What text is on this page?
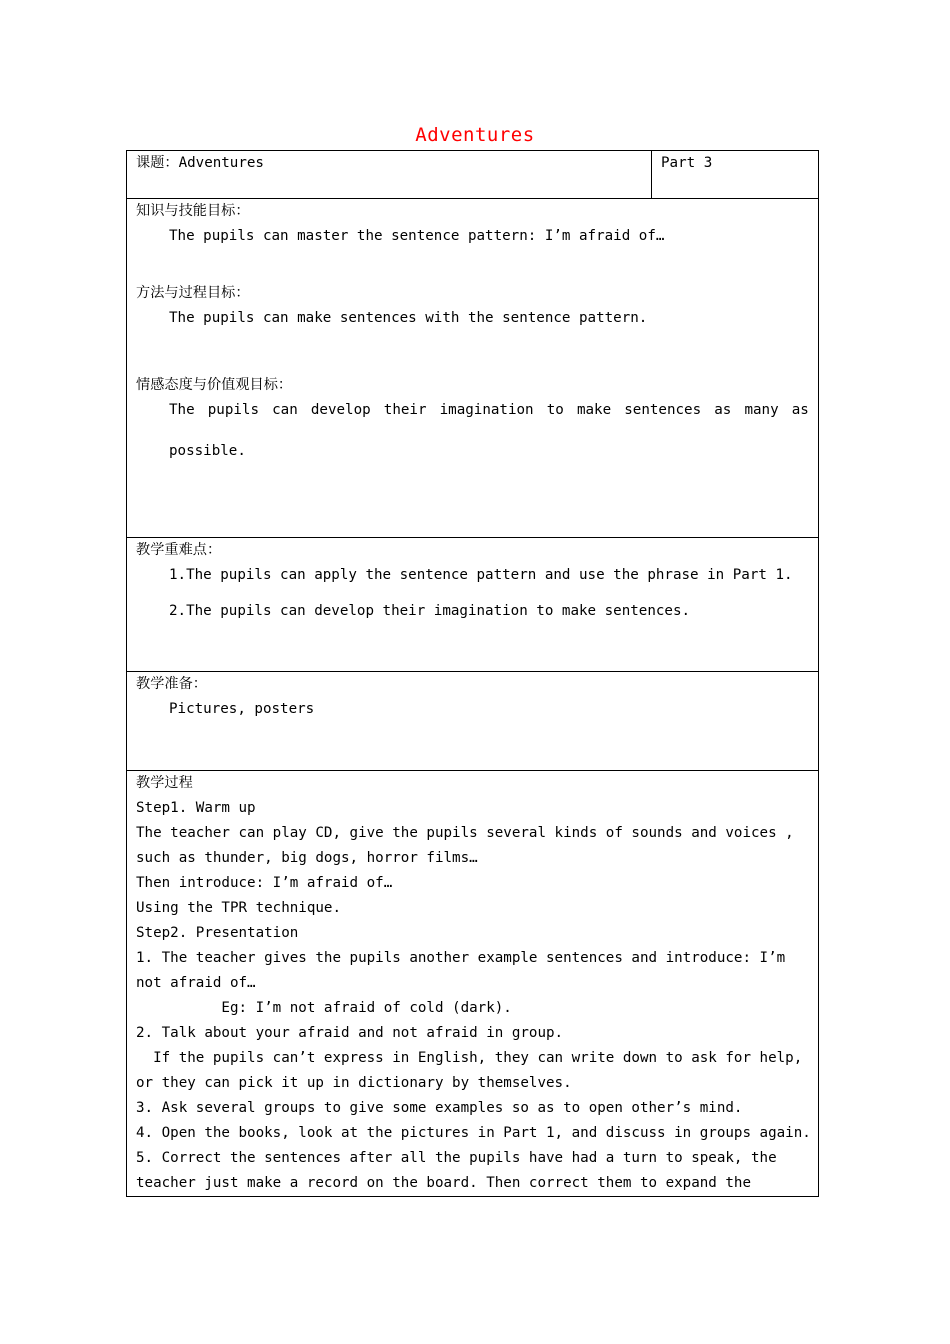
Adventures
课题：Adventures	Part 3

知识与技能目标：
The pupils can master the sentence pattern: I’m afraid of…
方法与过程目标：
The pupils can make sentences with the sentence pattern.
情感态度与价值观目标：
The pupils can develop their imagination to make sentences as many as
possible.

教学重难点：
1.The pupils can apply the sentence pattern and use the phrase in Part 1.
2.The pupils can develop their imagination to make sentences.

教学准备：
Pictures, posters

教学过程
Step1. Warm up
The teacher can play CD, give the pupils several kinds of sounds and voices ,
such as thunder, big dogs, horror films…
Then introduce: I’m afraid of…
Using the TPR technique.
Step2. Presentation
1. The teacher gives the pupils another example sentences and introduce: I’m
not afraid of…
Eg: I’m not afraid of cold (dark).
2. Talk about your afraid and not afraid in group.
If the pupils can’t express in English, they can write down to ask for help,
or they can pick it up in dictionary by themselves.
3. Ask several groups to give some examples so as to open other’s mind.
4. Open the books, look at the pictures in Part 1, and discuss in groups again.
5. Correct the sentences after all the pupils have had a turn to speak, the
teacher just make a record on the board. Then correct them to expand the
